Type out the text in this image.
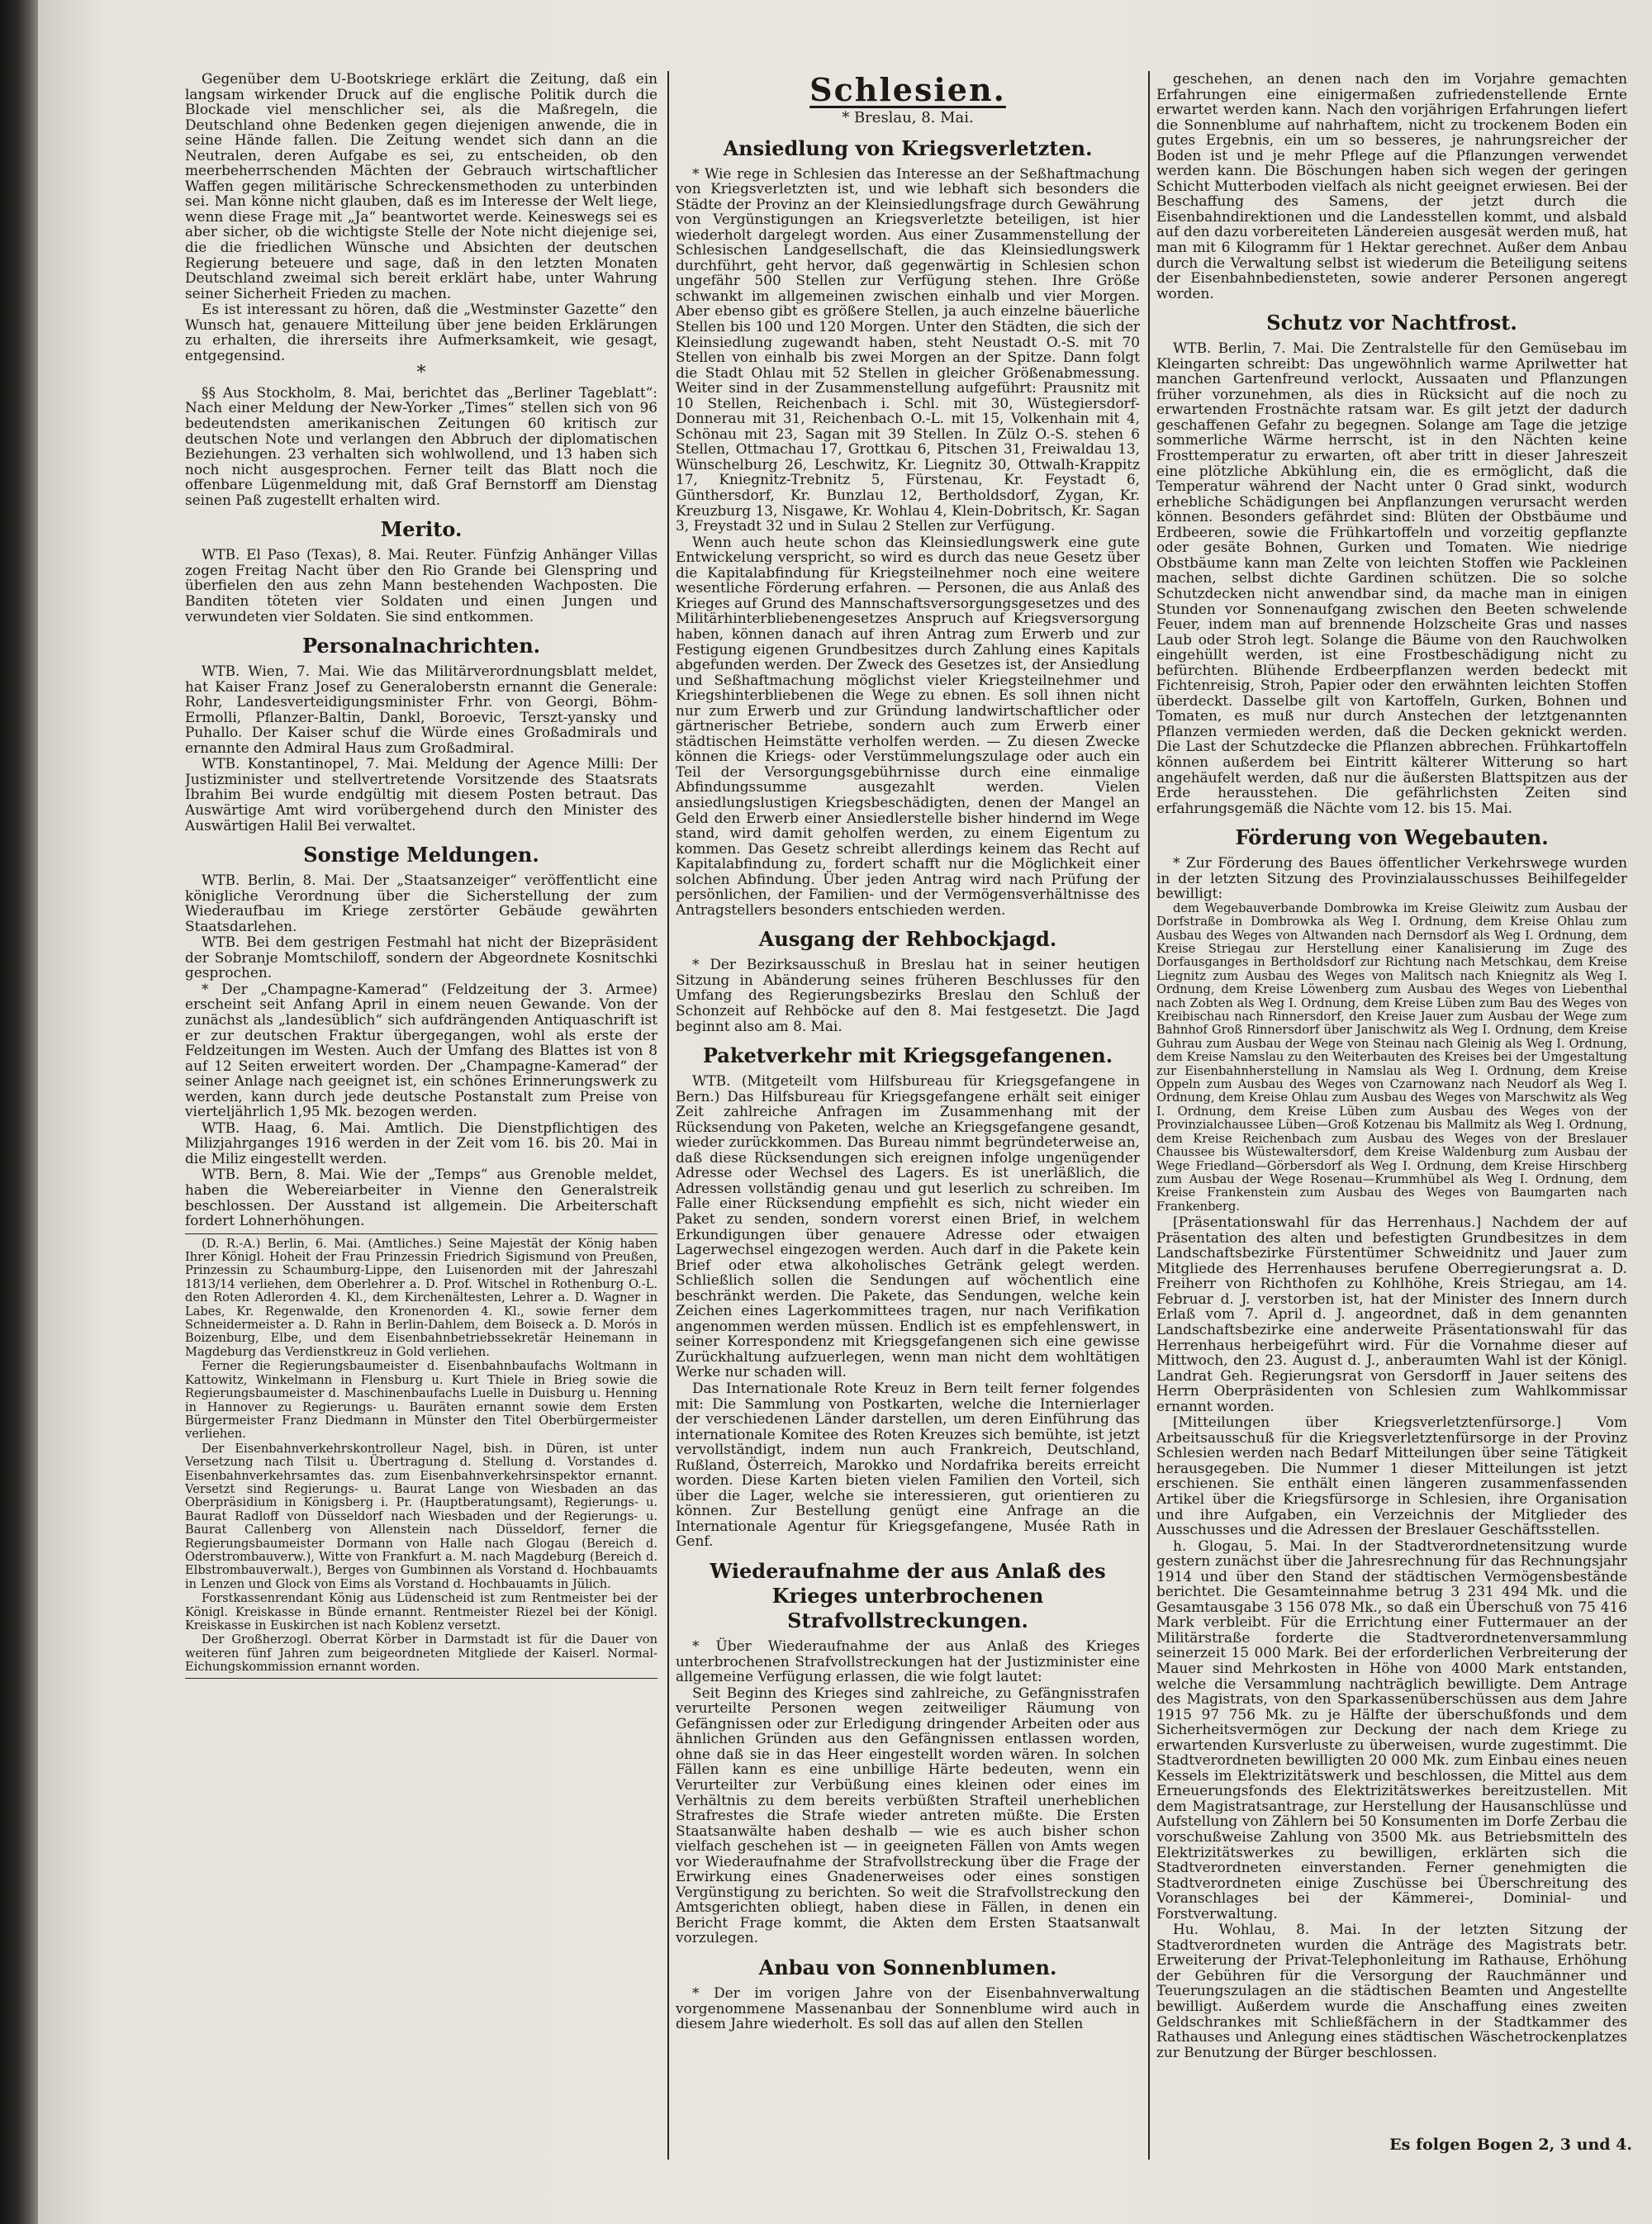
Gegenüber dem U-Bootskriege erklärt die Zeitung, daß ein langsam wirkender Druck auf die englische Politik durch die Blockade viel menschlicher sei, als die Maßregeln, die Deutschland ohne Bedenken gegen diejenigen anwende, die in seine Hände fallen. Die Zeitung wendet sich dann an die Neutralen, deren Aufgabe es sei, zu entscheiden, ob den meerbeherrschenden Mächten der Gebrauch wirtschaftlicher Waffen gegen militärische Schreckensmethoden zu unterbinden sei. Man könne nicht glauben, daß es im Interesse der Welt liege, wenn diese Frage mit „Ja“ beantwortet werde. Keineswegs sei es aber sicher, ob die wichtigste Stelle der Note nicht diejenige sei, die die friedlichen Wünsche und Absichten der deutschen Regierung beteuere und sage, daß in den letzten Monaten Deutschland zweimal sich bereit erklärt habe, unter Wahrung seiner Sicherheit Frieden zu machen.

Es ist interessant zu hören, daß die „Westminster Gazette“ den Wunsch hat, genauere Mitteilung über jene beiden Erklärungen zu erhalten, die ihrerseits ihre Aufmerksamkeit, wie gesagt, entgegensind.

*

§§ Aus Stockholm, 8. Mai, berichtet das „Berliner Tageblatt“: Nach einer Meldung der New-Yorker „Times“ stellen sich von 96 bedeutendsten amerikanischen Zeitungen 60 kritisch zur deutschen Note und verlangen den Abbruch der diplomatischen Beziehungen. 23 verhalten sich wohlwollend, und 13 haben sich noch nicht ausgesprochen. Ferner teilt das Blatt noch die offenbare Lügenmeldung mit, daß Graf Bernstorff am Dienstag seinen Paß zugestellt erhalten wird.

Merito.

WTB. El Paso (Texas), 8. Mai. Reuter. Fünfzig Anhänger Villas zogen Freitag Nacht über den Rio Grande bei Glenspring und überfielen den aus zehn Mann bestehenden Wachposten. Die Banditen töteten vier Soldaten und einen Jungen und verwundeten vier Soldaten. Sie sind entkommen.

Personalnachrichten.

WTB. Wien, 7. Mai. Wie das Militärverordnungsblatt meldet, hat Kaiser Franz Josef zu Generaloberstn ernannt die Generale: Rohr, Landesverteidigungsminister Frhr. von Georgi, Böhm-Ermolli, Pflanzer-Baltin, Dankl, Boroevic, Terszt-yansky und Puhallo. Der Kaiser schuf die Würde eines Großadmirals und ernannte den Admiral Haus zum Großadmiral.

WTB. Konstantinopel, 7. Mai. Meldung der Agence Milli: Der Justizminister und stellvertretende Vorsitzende des Staatsrats Ibrahim Bei wurde endgültig mit diesem Posten betraut. Das Auswärtige Amt wird vorübergehend durch den Minister des Auswärtigen Halil Bei verwaltet.

Sonstige Meldungen.

WTB. Berlin, 8. Mai. Der „Staatsanzeiger“ veröffentlicht eine königliche Verordnung über die Sicherstellung der zum Wiederaufbau im Kriege zerstörter Gebäude gewährten Staatsdarlehen.

WTB. Bei dem gestrigen Festmahl hat nicht der Bizepräsident der Sobranje Momtschiloff, sondern der Abgeordnete Kosnitschki gesprochen.

* Der „Champagne-Kamerad“ (Feldzeitung der 3. Armee) erscheint seit Anfang April in einem neuen Gewande. Von der zunächst als „landesüblich“ sich aufdrängenden Antiquaschrift ist er zur deutschen Fraktur übergegangen, wohl als erste der Feldzeitungen im Westen. Auch der Umfang des Blattes ist von 8 auf 12 Seiten erweitert worden. Der „Champagne-Kamerad“ der seiner Anlage nach geeignet ist, ein schönes Erinnerungswerk zu werden, kann durch jede deutsche Postanstalt zum Preise von vierteljährlich 1,95 Mk. bezogen werden.

WTB. Haag, 6. Mai. Amtlich. Die Dienstpflichtigen des Milizjahrganges 1916 werden in der Zeit vom 16. bis 20. Mai in die Miliz eingestellt werden.

WTB. Bern, 8. Mai. Wie der „Temps“ aus Grenoble meldet, haben die Webereiarbeiter in Vienne den Generalstreik beschlossen. Der Ausstand ist allgemein. Die Arbeiterschaft fordert Lohnerhöhungen.

(D. R.-A.) Berlin, 6. Mai. (Amtliches.) Seine Majestät der König haben Ihrer Königl. Hoheit der Frau Prinzessin Friedrich Sigismund von Preußen, Prinzessin zu Schaumburg-Lippe, den Luisenorden mit der Jahreszahl 1813/14 verliehen, dem Oberlehrer a. D. Prof. Witschel in Rothenburg O.-L. den Roten Adlerorden 4. Kl., dem Kirchenältesten, Lehrer a. D. Wagner in Labes, Kr. Regenwalde, den Kronenorden 4. Kl., sowie ferner dem Schneidermeister a. D. Rahn in Berlin-Dahlem, dem Boiseck a. D. Morós in Boizenburg, Elbe, und dem Eisenbahnbetriebssekretär Heinemann in Magdeburg das Verdienstkreuz in Gold verliehen.

Ferner die Regierungsbaumeister d. Eisenbahnbaufachs Woltmann in Kattowitz, Winkelmann in Flensburg u. Kurt Thiele in Brieg sowie die Regierungsbaumeister d. Maschinenbaufachs Luelle in Duisburg u. Henning in Hannover zu Regierungs- u. Bauräten ernannt sowie dem Ersten Bürgermeister Franz Diedmann in Münster den Titel Oberbürgermeister verliehen.

Der Eisenbahnverkehrskontrolleur Nagel, bish. in Düren, ist unter Versetzung nach Tilsit u. Übertragung d. Stellung d. Vorstandes d. Eisenbahnverkehrsamtes das. zum Eisenbahnverkehrsinspektor ernannt. Versetzt sind Regierungs- u. Baurat Lange von Wiesbaden an das Oberpräsidium in Königsberg i. Pr. (Hauptberatungsamt), Regierungs- u. Baurat Radloff von Düsseldorf nach Wiesbaden und der Regierungs- u. Baurat Callenberg von Allenstein nach Düsseldorf, ferner die Regierungsbaumeister Dormann von Halle nach Glogau (Bereich d. Oderstrombauverw.), Witte von Frankfurt a. M. nach Magdeburg (Bereich d. Elbstrombauverwalt.), Berges von Gumbinnen als Vorstand d. Hochbauamts in Lenzen und Glock von Eims als Vorstand d. Hochbauamts in Jülich.

Forstkassenrendant König aus Lüdenscheid ist zum Rentmeister bei der Königl. Kreiskasse in Bünde ernannt. Rentmeister Riezel bei der Königl. Kreiskasse in Euskirchen ist nach Koblenz versetzt.

Der Großherzogl. Oberrat Körber in Darmstadt ist für die Dauer von weiteren fünf Jahren zum beigeordneten Mitgliede der Kaiserl. Normal-Eichungskommission ernannt worden.

Schlesien.
* Breslau, 8. Mai.
Ansiedlung von Kriegsverletzten.

* Wie rege in Schlesien das Interesse an der Seßhaftmachung von Kriegsverletzten ist, und wie lebhaft sich besonders die Städte der Provinz an der Kleinsiedlungsfrage durch Gewährung von Vergünstigungen an Kriegsverletzte beteiligen, ist hier wiederholt dargelegt worden. Aus einer Zusammenstellung der Schlesischen Landgesellschaft, die das Kleinsiedlungswerk durchführt, geht hervor, daß gegenwärtig in Schlesien schon ungefähr 500 Stellen zur Verfügung stehen. Ihre Größe schwankt im allgemeinen zwischen einhalb und vier Morgen. Aber ebenso gibt es größere Stellen, ja auch einzelne bäuerliche Stellen bis 100 und 120 Morgen. Unter den Städten, die sich der Kleinsiedlung zugewandt haben, steht Neustadt O.-S. mit 70 Stellen von einhalb bis zwei Morgen an der Spitze. Dann folgt die Stadt Ohlau mit 52 Stellen in gleicher Größenabmessung. Weiter sind in der Zusammenstellung aufgeführt: Prausnitz mit 10 Stellen, Reichenbach i. Schl. mit 30, Wüstegiersdorf-Donnerau mit 31, Reichenbach O.-L. mit 15, Volkenhain mit 4, Schönau mit 23, Sagan mit 39 Stellen. In Zülz O.-S. stehen 6 Stellen, Ottmachau 17, Grottkau 6, Pitschen 31, Freiwaldau 13, Wünschelburg 26, Leschwitz, Kr. Liegnitz 30, Ottwalh-Krappitz 17, Kniegnitz-Trebnitz 5, Fürstenau, Kr. Feystadt 6, Günthersdorf, Kr. Bunzlau 12, Bertholdsdorf, Zygan, Kr. Kreuzburg 13, Nisgawe, Kr. Wohlau 4, Klein-Dobritsch, Kr. Sagan 3, Freystadt 32 und in Sulau 2 Stellen zur Verfügung.

Wenn auch heute schon das Kleinsiedlungswerk eine gute Entwickelung verspricht, so wird es durch das neue Gesetz über die Kapitalabfindung für Kriegsteilnehmer noch eine weitere wesentliche Förderung erfahren. — Personen, die aus Anlaß des Krieges auf Grund des Mannschaftsversorgungsgesetzes und des Militärhinterbliebenengesetzes Anspruch auf Kriegsversorgung haben, können danach auf ihren Antrag zum Erwerb und zur Festigung eigenen Grundbesitzes durch Zahlung eines Kapitals abgefunden werden. Der Zweck des Gesetzes ist, der Ansiedlung und Seßhaftmachung möglichst vieler Kriegsteilnehmer und Kriegshinterbliebenen die Wege zu ebnen. Es soll ihnen nicht nur zum Erwerb und zur Gründung landwirtschaftlicher oder gärtnerischer Betriebe, sondern auch zum Erwerb einer städtischen Heimstätte verholfen werden. — Zu diesen Zwecke können die Kriegs- oder Verstümmelungszulage oder auch ein Teil der Versorgungsgebührnisse durch eine einmalige Abfindungssumme ausgezahlt werden. Vielen ansiedlungslustigen Kriegsbeschädigten, denen der Mangel an Geld den Erwerb einer Ansiedlerstelle bisher hindernd im Wege stand, wird damit geholfen werden, zu einem Eigentum zu kommen. Das Gesetz schreibt allerdings keinem das Recht auf Kapitalabfindung zu, fordert schafft nur die Möglichkeit einer solchen Abfindung. Über jeden Antrag wird nach Prüfung der persönlichen, der Familien- und der Vermögensverhältnisse des Antragstellers besonders entschieden werden.

Ausgang der Rehbockjagd.

* Der Bezirksausschuß in Breslau hat in seiner heutigen Sitzung in Abänderung seines früheren Beschlusses für den Umfang des Regierungsbezirks Breslau den Schluß der Schonzeit auf Rehböcke auf den 8. Mai festgesetzt. Die Jagd beginnt also am 8. Mai.

Paketverkehr mit Kriegsgefangenen.

WTB. (Mitgeteilt vom Hilfsbureau für Kriegsgefangene in Bern.) Das Hilfsbureau für Kriegsgefangene erhält seit einiger Zeit zahlreiche Anfragen im Zusammenhang mit der Rücksendung von Paketen, welche an Kriegsgefangene gesandt, wieder zurückkommen. Das Bureau nimmt begründeterweise an, daß diese Rücksendungen sich ereignen infolge ungenügender Adresse oder Wechsel des Lagers. Es ist unerläßlich, die Adressen vollständig genau und gut leserlich zu schreiben. Im Falle einer Rücksendung empfiehlt es sich, nicht wieder ein Paket zu senden, sondern vorerst einen Brief, in welchem Erkundigungen über genauere Adresse oder etwaigen Lagerwechsel eingezogen werden. Auch darf in die Pakete kein Brief oder etwa alkoholisches Getränk gelegt werden. Schließlich sollen die Sendungen auf wöchentlich eine beschränkt werden. Die Pakete, das Sendungen, welche kein Zeichen eines Lagerkommittees tragen, nur nach Verifikation angenommen werden müssen. Endlich ist es empfehlenswert, in seiner Korrespondenz mit Kriegsgefangenen sich eine gewisse Zurückhaltung aufzuerlegen, wenn man nicht dem wohltätigen Werke nur schaden will.

Das Internationale Rote Kreuz in Bern teilt ferner folgendes mit: Die Sammlung von Postkarten, welche die Internierlager der verschiedenen Länder darstellen, um deren Einführung das internationale Komitee des Roten Kreuzes sich bemühte, ist jetzt vervollständigt, indem nun auch Frankreich, Deutschland, Rußland, Österreich, Marokko und Nordafrika bereits erreicht worden. Diese Karten bieten vielen Familien den Vorteil, sich über die Lager, welche sie interessieren, gut orientieren zu können. Zur Bestellung genügt eine Anfrage an die Internationale Agentur für Kriegsgefangene, Musée Rath in Genf.

Wiederaufnahme der aus Anlaß des Krieges unterbrochenen Strafvollstreckungen.

* Über Wiederaufnahme der aus Anlaß des Krieges unterbrochenen Strafvollstreckungen hat der Justizminister eine allgemeine Verfügung erlassen, die wie folgt lautet:

Seit Beginn des Krieges sind zahlreiche, zu Gefängnisstrafen verurteilte Personen wegen zeitweiliger Räumung von Gefängnissen oder zur Erledigung dringender Arbeiten oder aus ähnlichen Gründen aus den Gefängnissen entlassen worden, ohne daß sie in das Heer eingestellt worden wären. In solchen Fällen kann es eine unbillige Härte bedeuten, wenn ein Verurteilter zur Verbüßung eines kleinen oder eines im Verhältnis zu dem bereits verbüßten Strafteil unerheblichen Strafrestes die Strafe wieder antreten müßte. Die Ersten Staatsanwälte haben deshalb — wie es auch bisher schon vielfach geschehen ist — in geeigneten Fällen von Amts wegen vor Wiederaufnahme der Strafvollstreckung über die Frage der Erwirkung eines Gnadenerweises oder eines sonstigen Vergünstigung zu berichten. So weit die Strafvollstreckung den Amtsgerichten obliegt, haben diese in Fällen, in denen ein Bericht Frage kommt, die Akten dem Ersten Staatsanwalt vorzulegen.

Anbau von Sonnenblumen.

* Der im vorigen Jahre von der Eisenbahnverwaltung vorgenommene Massenanbau der Sonnenblume wird auch in diesem Jahre wiederholt. Es soll das auf allen den Stellen

geschehen, an denen nach den im Vorjahre gemachten Erfahrungen eine einigermaßen zufriedenstellende Ernte erwartet werden kann. Nach den vorjährigen Erfahrungen liefert die Sonnenblume auf nahrhaftem, nicht zu trockenem Boden ein gutes Ergebnis, ein um so besseres, je nahrungsreicher der Boden ist und je mehr Pflege auf die Pflanzungen verwendet werden kann. Die Böschungen haben sich wegen der geringen Schicht Mutterboden vielfach als nicht geeignet erwiesen. Bei der Beschaffung des Samens, der jetzt durch die Eisenbahndirektionen und die Landesstellen kommt, und alsbald auf den dazu vorbereiteten Ländereien ausgesät werden muß, hat man mit 6 Kilogramm für 1 Hektar gerechnet. Außer dem Anbau durch die Verwaltung selbst ist wiederum die Beteiligung seitens der Eisenbahnbediensteten, sowie anderer Personen angeregt worden.

Schutz vor Nachtfrost.

WTB. Berlin, 7. Mai. Die Zentralstelle für den Gemüsebau im Kleingarten schreibt: Das ungewöhnlich warme Aprilwetter hat manchen Gartenfreund verlockt, Aussaaten und Pflanzungen früher vorzunehmen, als dies in Rücksicht auf die noch zu erwartenden Frostnächte ratsam war. Es gilt jetzt der dadurch geschaffenen Gefahr zu begegnen. Solange am Tage die jetzige sommerliche Wärme herrscht, ist in den Nächten keine Frosttemperatur zu erwarten, oft aber tritt in dieser Jahreszeit eine plötzliche Abkühlung ein, die es ermöglicht, daß die Temperatur während der Nacht unter 0 Grad sinkt, wodurch erhebliche Schädigungen bei Anpflanzungen verursacht werden können. Besonders gefährdet sind: Blüten der Obstbäume und Erdbeeren, sowie die Frühkartoffeln und vorzeitig gepflanzte oder gesäte Bohnen, Gurken und Tomaten. Wie niedrige Obstbäume kann man Zelte von leichten Stoffen wie Packleinen machen, selbst dichte Gardinen schützen. Die so solche Schutzdecken nicht anwendbar sind, da mache man in einigen Stunden vor Sonnenaufgang zwischen den Beeten schwelende Feuer, indem man auf brennende Holzscheite Gras und nasses Laub oder Stroh legt. Solange die Bäume von den Rauchwolken eingehüllt werden, ist eine Frostbeschädigung nicht zu befürchten. Blühende Erdbeerpflanzen werden bedeckt mit Fichtenreisig, Stroh, Papier oder den erwähnten leichten Stoffen überdeckt. Dasselbe gilt von Kartoffeln, Gurken, Bohnen und Tomaten, es muß nur durch Anstechen der letztgenannten Pflanzen vermieden werden, daß die Decken geknickt werden. Die Last der Schutzdecke die Pflanzen abbrechen. Frühkartoffeln können außerdem bei Eintritt kälterer Witterung so hart angehäufelt werden, daß nur die äußersten Blattspitzen aus der Erde herausstehen. Die gefährlichsten Zeiten sind erfahrungsgemäß die Nächte vom 12. bis 15. Mai.

Förderung von Wegebauten.

* Zur Förderung des Baues öffentlicher Verkehrswege wurden in der letzten Sitzung des Provinzialausschusses Beihilfegelder bewilligt:

dem Wegebauverbande Dombrowka im Kreise Gleiwitz zum Ausbau der Dorfstraße in Dombrowka als Weg I. Ordnung, dem Kreise Ohlau zum Ausbau des Weges von Altwanden nach Dernsdorf als Weg I. Ordnung, dem Kreise Striegau zur Herstellung einer Kanalisierung im Zuge des Dorfausganges in Bertholdsdorf zur Richtung nach Metschkau, dem Kreise Liegnitz zum Ausbau des Weges von Malitsch nach Kniegnitz als Weg I. Ordnung, dem Kreise Löwenberg zum Ausbau des Weges von Liebenthal nach Zobten als Weg I. Ordnung, dem Kreise Lüben zum Bau des Weges von Kreibischau nach Rinnersdorf, den Kreise Jauer zum Ausbau der Wege zum Bahnhof Groß Rinnersdorf über Janischwitz als Weg I. Ordnung, dem Kreise Guhrau zum Ausbau der Wege von Steinau nach Gleinig als Weg I. Ordnung, dem Kreise Namslau zu den Weiterbauten des Kreises bei der Umgestaltung zur Eisenbahnherstellung in Namslau als Weg I. Ordnung, dem Kreise Oppeln zum Ausbau des Weges von Czarnowanz nach Neudorf als Weg I. Ordnung, dem Kreise Ohlau zum Ausbau des Weges von Marschwitz als Weg I. Ordnung, dem Kreise Lüben zum Ausbau des Weges von der Provinzialchaussee Lüben—Groß Kotzenau bis Mallmitz als Weg I. Ordnung, dem Kreise Reichenbach zum Ausbau des Weges von der Breslauer Chaussee bis Wüstewaltersdorf, dem Kreise Waldenburg zum Ausbau der Wege Friedland—Görbersdorf als Weg I. Ordnung, dem Kreise Hirschberg zum Ausbau der Wege Rosenau—Krummhübel als Weg I. Ordnung, dem Kreise Frankenstein zum Ausbau des Weges von Baumgarten nach Frankenberg.

[Präsentationswahl für das Herrenhaus.] Nachdem der auf Präsentation des alten und befestigten Grundbesitzes in dem Landschaftsbezirke Fürstentümer Schweidnitz und Jauer zum Mitgliede des Herrenhauses berufene Oberregierungsrat a. D. Freiherr von Richthofen zu Kohlhöhe, Kreis Striegau, am 14. Februar d. J. verstorben ist, hat der Minister des Innern durch Erlaß vom 7. April d. J. angeordnet, daß in dem genannten Landschaftsbezirke eine anderweite Präsentationswahl für das Herrenhaus herbeigeführt wird. Für die Vornahme dieser auf Mittwoch, den 23. August d. J., anberaumten Wahl ist der Königl. Landrat Geh. Regierungsrat von Gersdorff in Jauer seitens des Herrn Oberpräsidenten von Schlesien zum Wahlkommissar ernannt worden.

[Mitteilungen über Kriegsverletztenfürsorge.] Vom Arbeitsausschuß für die Kriegsverletztenfürsorge in der Provinz Schlesien werden nach Bedarf Mitteilungen über seine Tätigkeit herausgegeben. Die Nummer 1 dieser Mitteilungen ist jetzt erschienen. Sie enthält einen längeren zusammenfassenden Artikel über die Kriegsfürsorge in Schlesien, ihre Organisation und ihre Aufgaben, ein Verzeichnis der Mitglieder des Ausschusses und die Adressen der Breslauer Geschäftsstellen.

h. Glogau, 5. Mai. In der Stadtverordnetensitzung wurde gestern zunächst über die Jahresrechnung für das Rechnungsjahr 1914 und über den Stand der städtischen Vermögensbestände berichtet. Die Gesamteinnahme betrug 3 231 494 Mk. und die Gesamtausgabe 3 156 078 Mk., so daß ein Überschuß von 75 416 Mark verbleibt. Für die Errichtung einer Futtermauer an der Militärstraße forderte die Stadtverordnetenversammlung seinerzeit 15 000 Mark. Bei der erforderlichen Verbreiterung der Mauer sind Mehrkosten in Höhe von 4000 Mark entstanden, welche die Versammlung nachträglich bewilligte. Dem Antrage des Magistrats, von den Sparkassenüberschüssen aus dem Jahre 1915 97 756 Mk. zu je Hälfte der überschußfonds und dem Sicherheitsvermögen zur Deckung der nach dem Kriege zu erwartenden Kursverluste zu überweisen, wurde zugestimmt. Die Stadtverordneten bewilligten 20 000 Mk. zum Einbau eines neuen Kessels im Elektrizitätswerk und beschlossen, die Mittel aus dem Erneuerungsfonds des Elektrizitätswerkes bereitzustellen. Mit dem Magistratsantrage, zur Herstellung der Hausanschlüsse und Aufstellung von Zählern bei 50 Konsumenten im Dorfe Zerbau die vorschußweise Zahlung von 3500 Mk. aus Betriebsmitteln des Elektrizitätswerkes zu bewilligen, erklärten sich die Stadtverordneten einverstanden. Ferner genehmigten die Stadtverordneten einige Zuschüsse bei Überschreitung des Voranschlages bei der Kämmerei-, Dominial- und Forstverwaltung.

Hu. Wohlau, 8. Mai. In der letzten Sitzung der Stadtverordneten wurden die Anträge des Magistrats betr. Erweiterung der Privat-Telephonleitung im Rathause, Erhöhung der Gebühren für die Versorgung der Rauchmänner und Teuerungszulagen an die städtischen Beamten und Angestellte bewilligt. Außerdem wurde die Anschaffung eines zweiten Geldschrankes mit Schließfächern in der Stadtkammer des Rathauses und Anlegung eines städtischen Wäschetrockenplatzes zur Benutzung der Bürger beschlossen.

Es folgen Bogen 2, 3 und 4.
